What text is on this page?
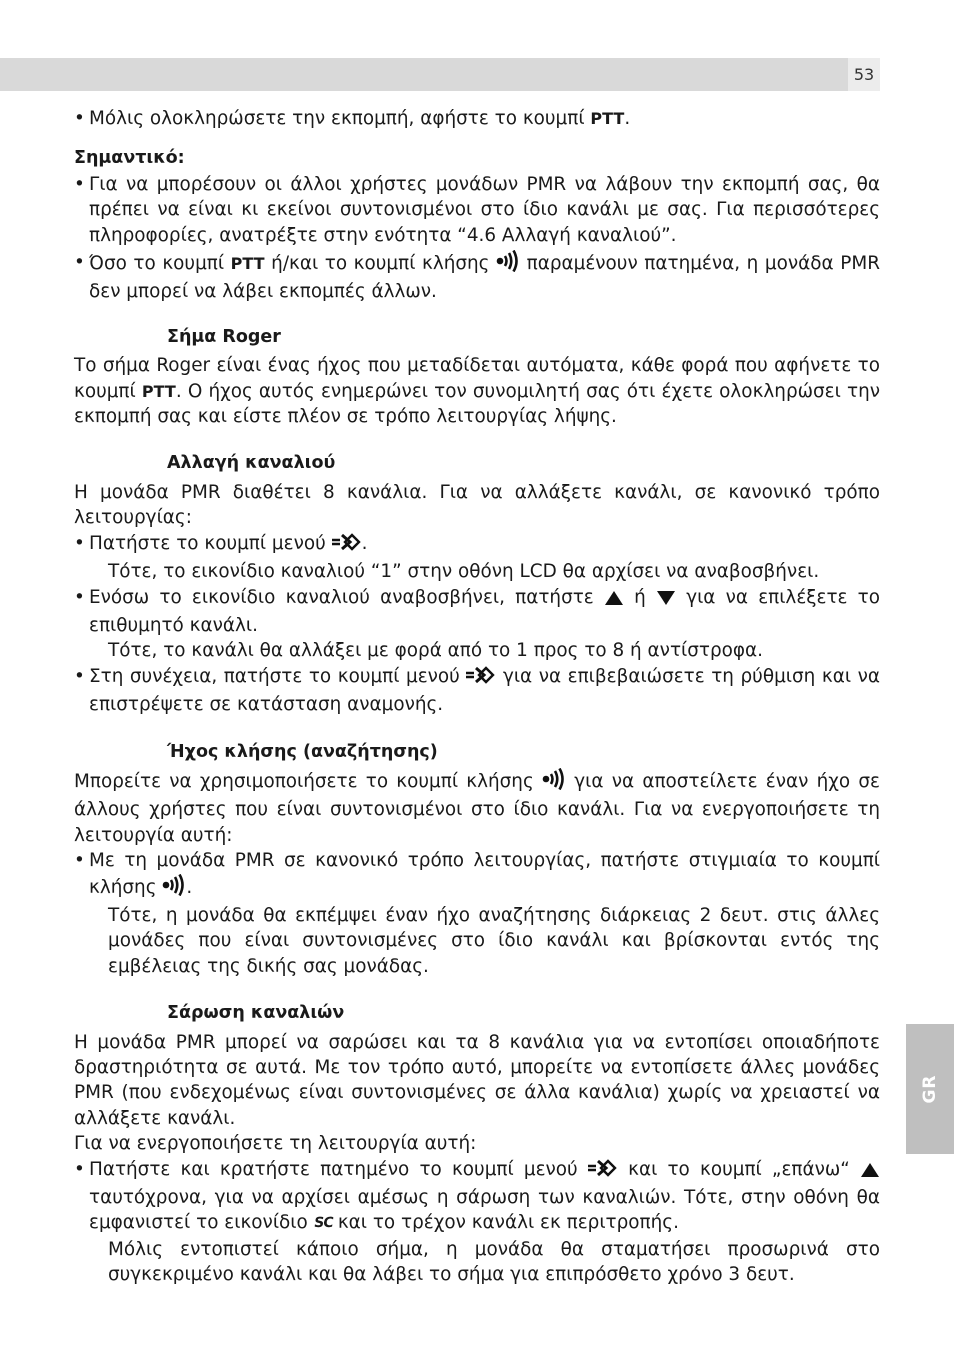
53
GR

• Μόλις ολοκληρώσετε την εκπομπή, αφήστε το κουμπί PTT.

Σημαντικό:

• Για να μπορέσουν οι άλλοι χρήστες μονάδων PMR να λάβουν την εκπομπή σας, θα πρέπει να είναι κι εκείνοι συντονισμένοι στο ίδιο κανάλι με σας. Για περισσότερες πληροφορίες, ανατρέξτε στην ενότητα “4.6 Αλλαγή καναλιού”.

• Όσο το κουμπί PTT ή/και το κουμπί κλήσης  παραμένουν πατημένα, η μονάδα PMR δεν μπορεί να λάβει εκπομπές άλλων.

Σήμα Roger

Το σήμα Roger είναι ένας ήχος που μεταδίδεται αυτόματα, κάθε φορά που αφήνετε το κουμπί PTT. Ο ήχος αυτός ενημερώνει τον συνομιλητή σας ότι έχετε ολοκληρώσει την εκπομπή σας και είστε πλέον σε τρόπο λειτουργίας λήψης.

Αλλαγή καναλιού

Η μονάδα PMR διαθέτει 8 κανάλια. Για να αλλάξετε κανάλι, σε κανονικό τρόπο λειτουργίας:

• Πατήστε το κουμπί μενού .

Τότε, το εικονίδιο καναλιού “1” στην οθόνη LCD θα αρχίσει να αναβοσβήνει.

• Ενόσω το εικονίδιο καναλιού αναβοσβήνει, πατήστε  ή  για να επιλέξετε το επιθυμητό κανάλι.

Τότε, το κανάλι θα αλλάξει με φορά από το 1 προς το 8 ή αντίστροφα.

• Στη συνέχεια, πατήστε το κουμπί μενού  για να επιβεβαιώσετε τη ρύθμιση και να επιστρέψετε σε κατάσταση αναμονής.

Ήχος κλήσης (αναζήτησης)

Μπορείτε να χρησιμοποιήσετε το κουμπί κλήσης  για να αποστείλετε έναν ήχο σε άλλους χρήστες που είναι συντονισμένοι στο ίδιο κανάλι. Για να ενεργοποιήσετε τη λειτουργία αυτή:

• Με τη μονάδα PMR σε κανονικό τρόπο λειτουργίας, πατήστε στιγμιαία το κουμπί κλήσης .

Τότε, η μονάδα θα εκπέμψει έναν ήχο αναζήτησης διάρκειας 2 δευτ. στις άλλες μονάδες που είναι συντονισμένες στο ίδιο κανάλι και βρίσκονται εντός της εμβέλειας της δικής σας μονάδας.

Σάρωση καναλιών

Η μονάδα PMR μπορεί να σαρώσει και τα 8 κανάλια για να εντοπίσει οποιαδήποτε δραστηριότητα σε αυτά. Με τον τρόπο αυτό, μπορείτε να εντοπίσετε άλλες μονάδες PMR (που ενδεχομένως είναι συντονισμένες σε άλλα κανάλια) χωρίς να χρειαστεί να αλλάξετε κανάλι.

Για να ενεργοποιήσετε τη λειτουργία αυτή:

• Πατήστε και κρατήστε πατημένο το κουμπί μενού  και το κουμπί „επάνω“  ταυτόχρονα, για να αρχίσει αμέσως η σάρωση των καναλιών. Τότε, στην οθόνη θα εμφανιστεί το εικονίδιο SC και το τρέχον κανάλι εκ περιτροπής.

Μόλις εντοπιστεί κάποιο σήμα, η μονάδα θα σταματήσει προσωρινά στο συγκεκριμένο κανάλι και θα λάβει το σήμα για επιπρόσθετο χρόνο 3 δευτ.
